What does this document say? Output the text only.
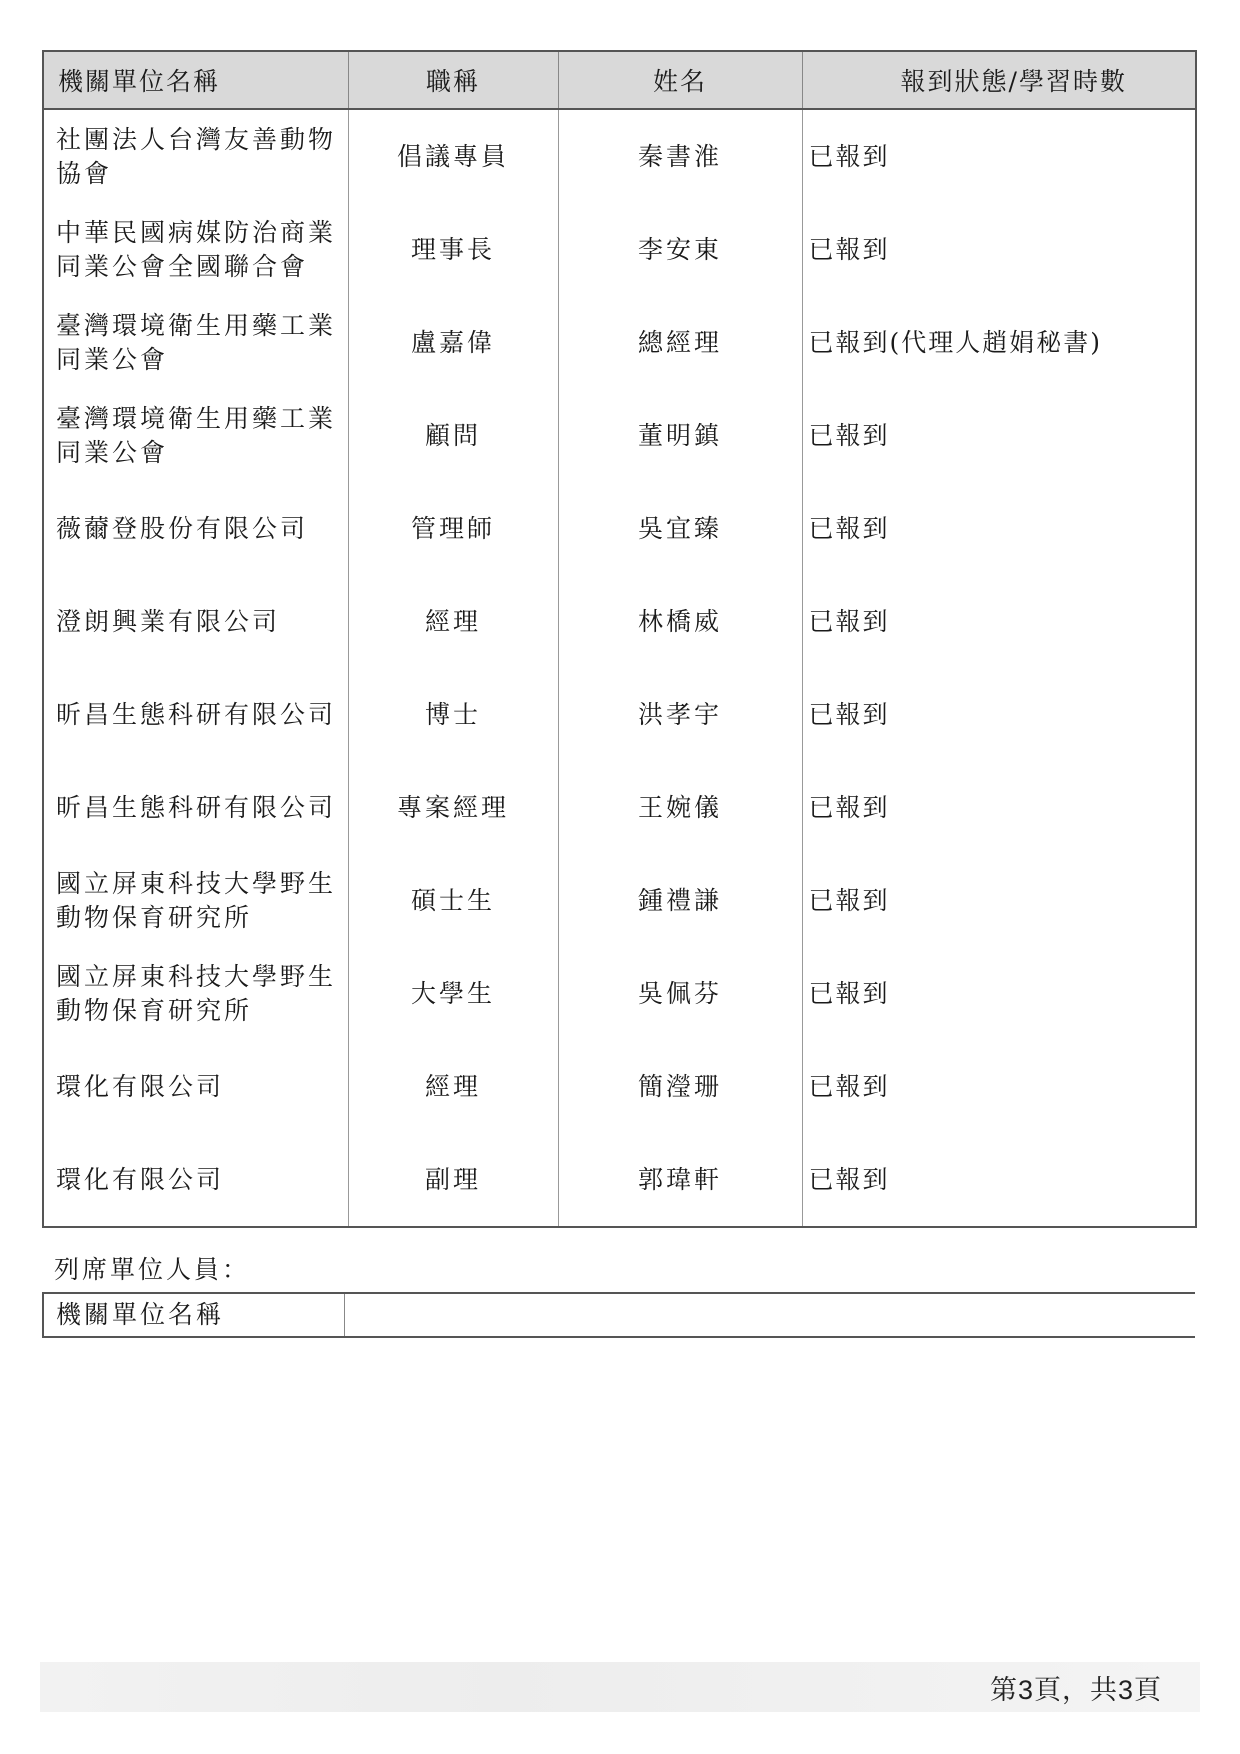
機關單位名稱	職稱	姓名	報到狀態/學習時數
社團法人台灣友善動物協會	倡議專員	秦書淮	已報到
中華民國病媒防治商業同業公會全國聯合會	理事長	李安東	已報到
臺灣環境衛生用藥工業同業公會	盧嘉偉	總經理	已報到(代理人趙娟秘書)
臺灣環境衛生用藥工業同業公會	顧問	董明鎮	已報到
薇薾登股份有限公司	管理師	吳宜臻	已報到
澄朗興業有限公司	經理	林橋威	已報到
昕昌生態科研有限公司	博士	洪孝宇	已報到
昕昌生態科研有限公司	專案經理	王婉儀	已報到
國立屏東科技大學野生動物保育研究所	碩士生	鍾禮謙	已報到
國立屏東科技大學野生動物保育研究所	大學生	吳佩芬	已報到
環化有限公司	經理	簡瀅珊	已報到
環化有限公司	副理	郭瑋軒	已報到
列席單位人員：
機關單位名稱
第3頁，共3頁
